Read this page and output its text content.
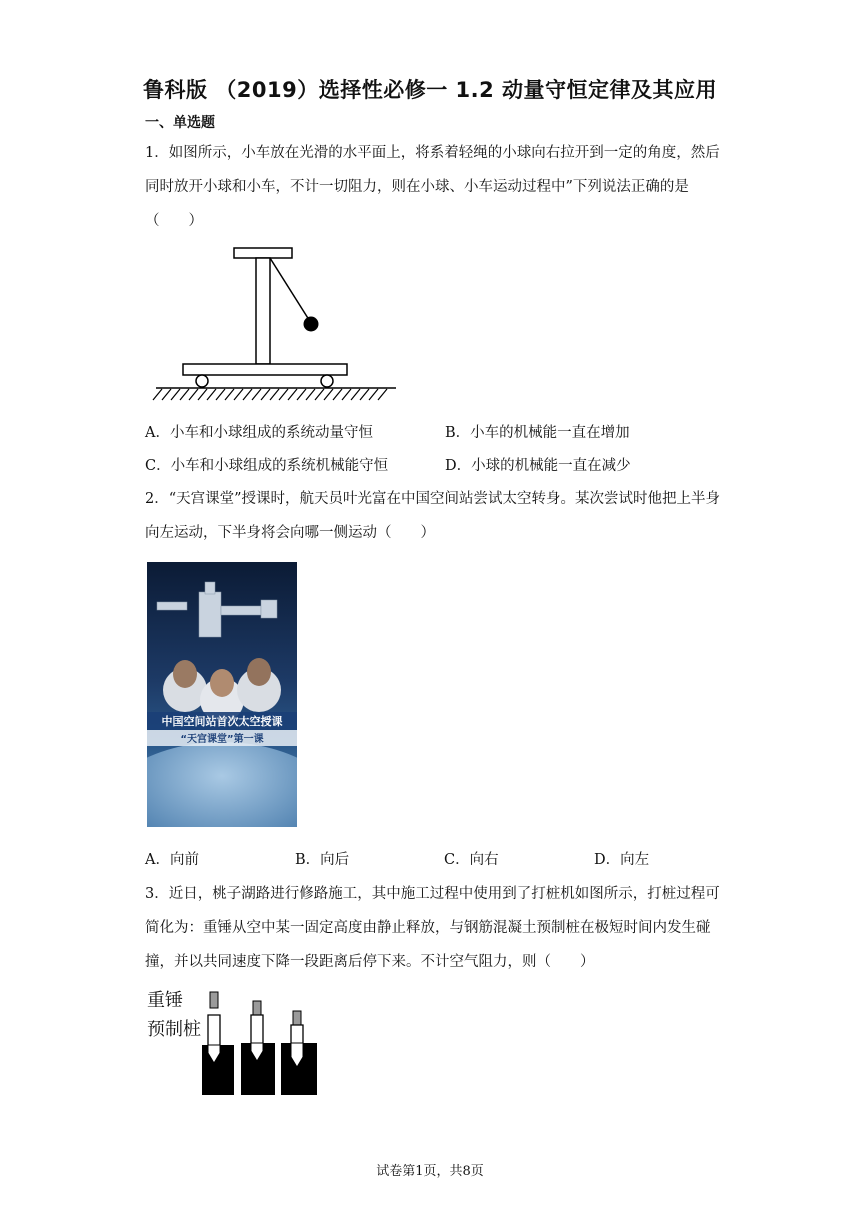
鲁科版 （2019）选择性必修一 1.2 动量守恒定律及其应用
一、单选题
1．如图所示，小车放在光滑的水平面上，将系着轻绳的小球向右拉开到一定的角度，然后同时放开小球和小车，不计一切阻力，则在小球、小车运动过程中”下列说法正确的是（　　）
A．小车和小球组成的系统动量守恒	B．小车的机械能一直在增加
C．小车和小球组成的系统机械能守恒	D．小球的机械能一直在减少
2．“天宫课堂”授课时，航天员叶光富在中国空间站尝试太空转身。某次尝试时他把上半身向左运动，下半身将会向哪一侧运动（　　）
中国空间站首次太空授课
“天宫课堂”第一课
A．向前	B．向后	C．向右	D．向左
3．近日，桃子湖路进行修路施工，其中施工过程中使用到了打桩机如图所示，打桩过程可简化为：重锤从空中某一固定高度由静止释放，与钢筋混凝土预制桩在极短时间内发生碰撞，并以共同速度下降一段距离后停下来。不计空气阻力，则（　　）
重锤
预制桩
试卷第1页，共8页
